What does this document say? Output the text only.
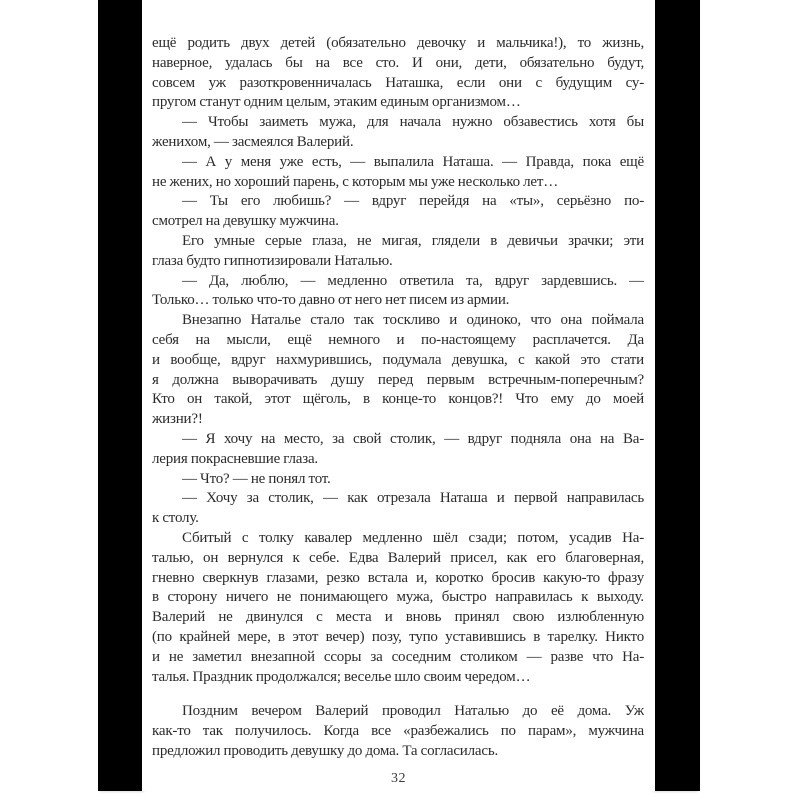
ещё родить двух детей (обязательно девочку и мальчика!), то жизнь,
наверное, удалась бы на все сто. И они, дети, обязательно будут,
совсем уж разоткровенничалась Наташка, если они с будущим су-
пругом станут одним целым, этаким единым организмом…
— Чтобы заиметь мужа, для начала нужно обзавестись хотя бы
женихом, — засмеялся Валерий.
— А у меня уже есть, — выпалила Наташа. — Правда, пока ещё
не жених, но хороший парень, с которым мы уже несколько лет…
— Ты его любишь? — вдруг перейдя на «ты», серьёзно по-
смотрел на девушку мужчина.
Его умные серые глаза, не мигая, глядели в девичьи зрачки; эти
глаза будто гипнотизировали Наталью.
— Да, люблю, — медленно ответила та, вдруг зардевшись. —
Только… только что-то давно от него нет писем из армии.
Внезапно Наталье стало так тоскливо и одиноко, что она поймала
себя на мысли, ещё немного и по-настоящему расплачется. Да
и вообще, вдруг нахмурившись, подумала девушка, с какой это стати
я должна выворачивать душу перед первым встречным-поперечным?
Кто он такой, этот щёголь, в конце-то концов?! Что ему до моей
жизни?!
— Я хочу на место, за свой столик, — вдруг подняла она на Ва-
лерия покрасневшие глаза.
— Что? — не понял тот.
— Хочу за столик, — как отрезала Наташа и первой направилась
к столу.
Сбитый с толку кавалер медленно шёл сзади; потом, усадив На-
талью, он вернулся к себе. Едва Валерий присел, как его благоверная,
гневно сверкнув глазами, резко встала и, коротко бросив какую-то фразу
в сторону ничего не понимающего мужа, быстро направилась к выходу.
Валерий не двинулся с места и вновь принял свою излюбленную
(по крайней мере, в этот вечер) позу, тупо уставившись в тарелку. Никто
и не заметил внезапной ссоры за соседним столиком — разве что На-
талья. Праздник продолжался; веселье шло своим чередом…
Поздним вечером Валерий проводил Наталью до её дома. Уж
как-то так получилось. Когда все «разбежались по парам», мужчина
предложил проводить девушку до дома. Та согласилась.
32
